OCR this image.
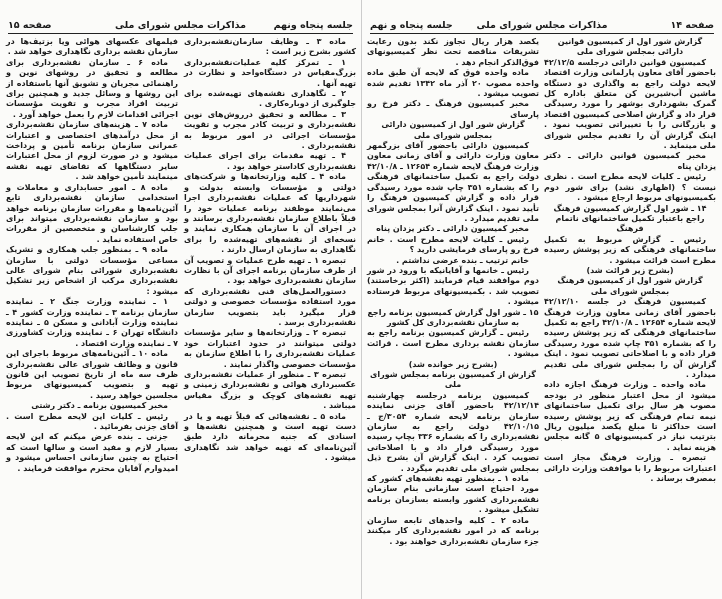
جلسه پنجاه ونهم
مذاکرات مجلس شورای ملی
صفحه ۱۵

ماده ۳ ـ وظایف سازمان‌نقشه‌برداری کشور بشرح زیر است :

۱ ـ تمرکز کلیه عملیات‌نقشه‌برداری بزرگ‌مقیاس در دستگاه‌واحد و نظارت در تهیه آنها .

۲ ـ نگاهداری نقشه‌های تهیه‌شده برای جلوگیری از دوباره‌کاری .

۳ ـ مطالعه و تحقیق درروش‌های نوین نقشه‌برداری و تربیت کادر مجرب و تقویت مؤسسات اجرائی در امور مربوط به نقشه‌برداری .

۴ ـ تهیه مقدمات برای اجرای عملیات نقشه‌برداری کاداستر خواهد بود .

ماده ۴ ـ کلیه وزارتخانه‌ها و شرکت‌های دولتی و مؤسسات وابسته بدولت و شهرداریها که عملیات نقشه‌برداری اجرا می‌نمایند موظفند برنامه عملیات خود را قبلاً باطلاع سازمان نقشه‌برداری برسانند و در اجرای آن با سازمان همکاری نمایند و نسخه‌ای از نقشه‌های تهیه‌شده را برای نگاهداری به سازمان ارسال دارند .

تبصره ۱ ـ تهیه طرح عملیات و تصویب آن از طرف سازمان برنامه اجرای آن با نظارت سازمان نقشه‌برداری خواهد بود .

دستورالعمل‌های فنی نقشه‌برداری که مورد استفاده مؤسسات خصوصی و دولتی قرار میگیرد باید بتصویب سازمان نقشه‌برداری برسد .

تبصره ۲ ـ وزارتخانه‌ها و سایر مؤسسات دولتی میتوانند در حدود اعتبارات خود عملیات نقشه‌برداری را با اطلاع سازمان به مؤسسات خصوصی واگذار نمایند .

تبصره ۳ ـ منظور از عملیات نقشه‌برداری عکسبرداری هوائی و نقشه‌برداری زمینی و تهیه نقشه‌های کوچک و بزرگ مقیاس میباشد .

ماده ۵ ـ نقشه‌هائی که قبلاً تهیه و یا در دست تهیه است و همچنین نقشه‌ها و اسنادی که جنبه محرمانه دارد طبق آئین‌نامه‌ای که تهیه خواهد شد نگاهداری میشود .

فیلمهای عکسهای هوائی ویا بزتیف‌ها در سازمان نقشه برداری نگاهداری خواهد شد .

ماده ۶ ـ سازمان نقشه‌برداری برای مطالعه و تحقیق در روشهای نوین و راهنمائی مجریان و تشویق آنها باستفاده از این روشها و وسائل جدید و همچنین برای تربیت افراد مجرب و تقویت مؤسسات اجرائی اقدامات لازم را بعمل خواهد آورد .

ماده ۷ ـ هزینه‌های سازمان نقشه‌برداری از محل درآمدهای اختصاصی و اعتبارات عمرانی سازمان برنامه تأمین و پرداخت میشود و در صورت لزوم از محل اعتبارات سایر دستگاهها که تقاضای تهیه نقشه مینمایند تأمین خواهد شد .

ماده ۸ ـ امور حسابداری و معاملات و استخدامی سازمان نقشه‌برداری تابع آئین‌نامه‌ها و مقررات سازمان برنامه خواهد بود و سازمان نقشه‌برداری میتواند برای جلب کارشناسان و متخصصین از مقررات خاص استفاده نماید .

ماده ۹ ـ بمنظور جلب همکاری و تشریک مساعی مؤسسات دولتی با سازمان نقشه‌برداری شورائی بنام شورای عالی نقشه‌برداری مرکب از اشخاص زیر تشکیل میشود :

۱ ـ نماینده وزارت جنگ ۲ ـ نماینده سازمان برنامه ۳ ـ نماینده وزارت کشور ۴ ـ نماینده وزارت آبادانی و مسکن ۵ ـ نماینده دانشگاه تهران ۶ ـ نماینده وزارت کشاورزی ۷ ـ نماینده وزارت اقتصاد .

ماده ۱۰ ـ آئین‌نامه‌های مربوط باجرای این قانون و وظائف شورای عالی نقشه‌برداری ظرف سه ماه از تاریخ تصویب این قانون تهیه و بتصویب کمیسیونهای مربوط مجلسین خواهد رسید .

مخبر کمیسیون برنامه ـ دکتر رشتی

رئیس ـ کلیات این لایحه مطرح است . آقای جزنی بفرمائید .

جزنی ـ بنده عرض میکنم که این لایحه بسیار لازم و مفید است و سالها است که احتیاج به چنین سازمانی احساس میشود و امیدوارم آقایان محترم موافقت فرمایند .

صفحه ۱۴
مذاکرات مجلس شورای ملی
جلسه پنجاه و نهم

گزارش شور اول از کمیسیون قوانین دارائی بمجلس شورای ملی

کمیسیون قوانین دارائی درجلسه ۴۲/۱۲/۵ باحضور آقای معاون پارلمانی وزارت اقتصاد لایحه دولت راجع به واگذاری دو دستگاه ماشین آب‌شیرین کن متعلق باداره کل گمرک بشهرداری بوشهر را مورد رسیدگی قرار داد و گزارش اصلاحی کمیسیون اقتصاد و بازرگانی را با تغییراتی تصویب نمود . اینک گزارش آن را تقدیم مجلس شورای ملی مینماید .

مخبر کمیسیون قوانین دارائی ـ دکتر یزدان پناه

رئیس ـ کلیات لایحه مطرح است . نظری نیست ؟ (اظهاری نشد) برای شور دوم بکمیسیونهای مربوط ارجاع میشود .

۱۴ ـ شور اول گزارش کمیسیون فرهنگ راجع باعتبار تکمیل ساختمانهای ناتمام فرهنگ

رئیس ـ گزارش مربوط به تکمیل ساختمانهای فرهنگی که زیر پوشش رسیده مطرح است قرائت میشود .

(بشرح زیر قرائت شد)

گزارش شور اول از کمیسیون فرهنگ بمجلس شورای ملی

کمیسیون فرهنگ در جلسه ۴۲/۱۲/۱۰ باحضور آقای زمانی معاون وزارت فرهنگ لایحه شماره ۱۲۶۵۴ ـ ۴۲/۱۰/۸ راجع به تکمیل ساختمانهای فرهنگی که زیر پوشش رسیده را که بشماره ۳۵۱ چاپ شده مورد رسیدگی قرار داده و با اصلاحاتی تصویب نمود . اینک گزارش آن را بمجلس شورای ملی تقدیم میدارد .

ماده واحده ـ وزارت فرهنگ اجازه داده میشود از محل اعتبار منظور در بودجه مصوب هر سال برای تکمیل ساختمانهای نیمه تمام فرهنگی که زیر پوشش رسیده است حداکثر تا مبلغ یکصد میلیون ریال بترتیب نیاز در کمیسیونهای ۵ گانه مجلس هزینه نماید .

تبصره ـ وزارت فرهنگ مجاز است اعتبارات مربوط را با موافقت وزارت دارائی بمصرف برساند .

یکصد هزار ریال تجاوز نکند بدون رعایت تشریفات مناقصه تحت نظر کمیسیونهای فوق‌الذکر انجام دهد .

ماده واحده فوق که لایحه آن طبق ماده واحده مصوب ۲۰ آذر ماه ۱۳۴۲ تقدیم شده تصویب میشود .

مخبر کمیسیون فرهنگ ـ دکتر فرخ رو پارسای

گزارش شور اول از کمیسیون دارائی بمجلس شورای ملی

کمیسیون دارائی باحضور آقای بزرگمهر معاون وزارت دارائی و آقای زمانی معاون وزارت فرهنگ لایحه شماره ۱۲۶۵۴ ـ ۴۲/۱۰/۸ دولت راجع به تکمیل ساختمانهای فرهنگی را که بشماره ۳۵۱ چاپ شده مورد رسیدگی قرار داده و گزارش کمیسیون فرهنگ را تأیید نمود . اینک گزارش آنرا بمجلس شورای ملی تقدیم میدارد .

مخبر کمیسیون دارائی ـ دکتر یزدان پناه

رئیس ـ کلیات لایحه مطرح است . خانم فرخ رو پارسای فرمایشی دارید ؟

خانم ترتیب ـ بنده عرضی نداشتم .

رئیس ـ خانمها و آقایانیکه با ورود در شور دوم موافقند قیام فرمایند (اکثر برخاستند) تصویب شد . بکمیسیونهای مربوط فرستاده میشود .

۱۵ ـ شور اول گزارش کمیسیون برنامه راجع به سازمان نقشه‌برداری کل کشور

رئیس ـ گزارش کمیسیون برنامه راجع به سازمان نقشه برداری مطرح است . قرائت میشود .

(بشرح زیر خوانده شد)

گزارش از کمیسیون برنامه بمجلس شورای ملی

کمیسیون برنامه درجلسه چهارشنبه ۴۲/۱۲/۱۴ باحضور آقای جزنی نماینده سازمان برنامه لایحه شماره ۳۰۵۴/ج ـ ۴۲/۱۰/۱۵ دولت راجع به سازمان نقشه‌برداری را که بشماره ۳۳۶ بچاپ رسیده مورد رسیدگی قرار داد و با اصلاحاتی تصویب کرد . اینک گزارش آن بشرح ذیل بمجلس شورای ملی تقدیم میگردد .

ماده ۱ ـ بمنظور تهیه نقشه‌های کشور که مورد احتیاج است سازمانی بنام سازمان نقشه‌برداری کشور وابسته بسازمان برنامه تشکیل میشود .

ماده ۲ ـ کلیه واحدهای تابعه سازمان برنامه که در امور نقشه‌برداری کار میکنند جزء سازمان نقشه‌برداری خواهند بود .
